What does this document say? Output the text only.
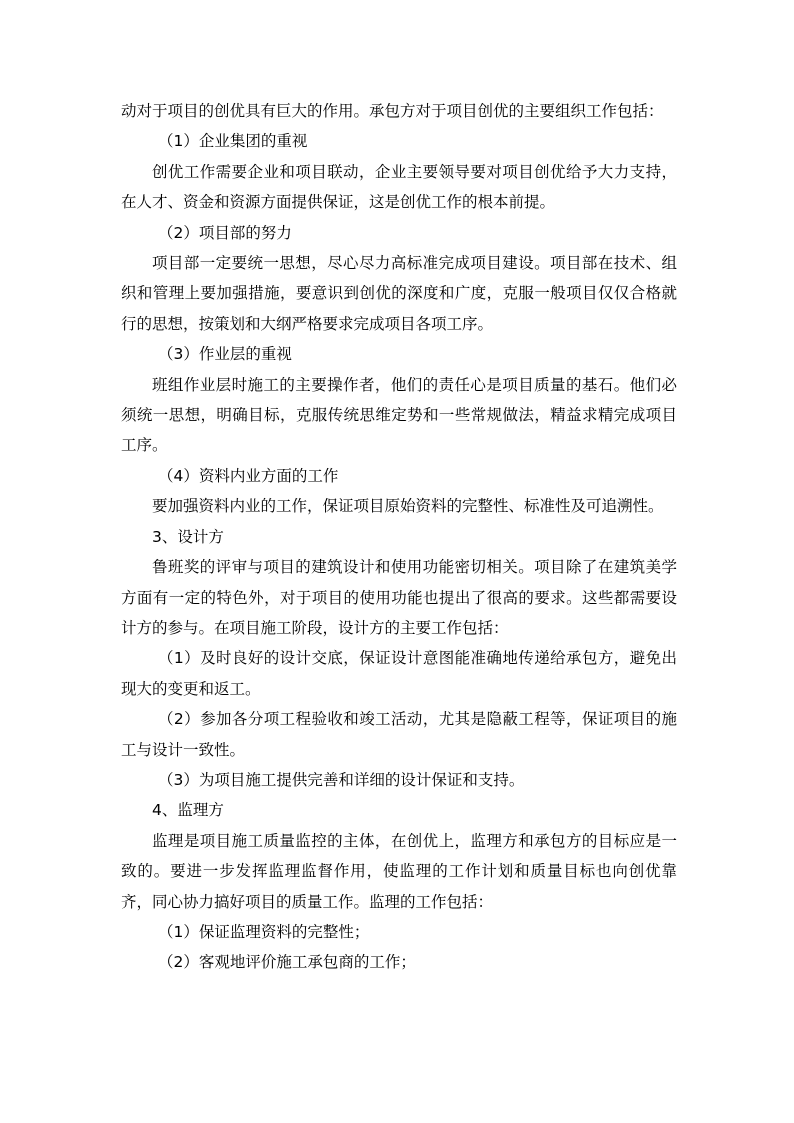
动对于项目的创优具有巨大的作用。承包方对于项目创优的主要组织工作包括：

（1）企业集团的重视

创优工作需要企业和项目联动，企业主要领导要对项目创优给予大力支持，在人才、资金和资源方面提供保证，这是创优工作的根本前提。

（2）项目部的努力

项目部一定要统一思想，尽心尽力高标准完成项目建设。项目部在技术、组织和管理上要加强措施，要意识到创优的深度和广度，克服一般项目仅仅合格就行的思想，按策划和大纲严格要求完成项目各项工序。

（3）作业层的重视

班组作业层时施工的主要操作者，他们的责任心是项目质量的基石。他们必须统一思想，明确目标，克服传统思维定势和一些常规做法，精益求精完成项目工序。

（4）资料内业方面的工作

要加强资料内业的工作，保证项目原始资料的完整性、标准性及可追溯性。

3、设计方

鲁班奖的评审与项目的建筑设计和使用功能密切相关。项目除了在建筑美学方面有一定的特色外，对于项目的使用功能也提出了很高的要求。这些都需要设计方的参与。在项目施工阶段，设计方的主要工作包括：

（1）及时良好的设计交底，保证设计意图能准确地传递给承包方，避免出现大的变更和返工。

（2）参加各分项工程验收和竣工活动，尤其是隐蔽工程等，保证项目的施工与设计一致性。

（3）为项目施工提供完善和详细的设计保证和支持。

4、监理方

监理是项目施工质量监控的主体，在创优上，监理方和承包方的目标应是一致的。要进一步发挥监理监督作用，使监理的工作计划和质量目标也向创优靠齐，同心协力搞好项目的质量工作。监理的工作包括：

（1）保证监理资料的完整性；

（2）客观地评价施工承包商的工作；
